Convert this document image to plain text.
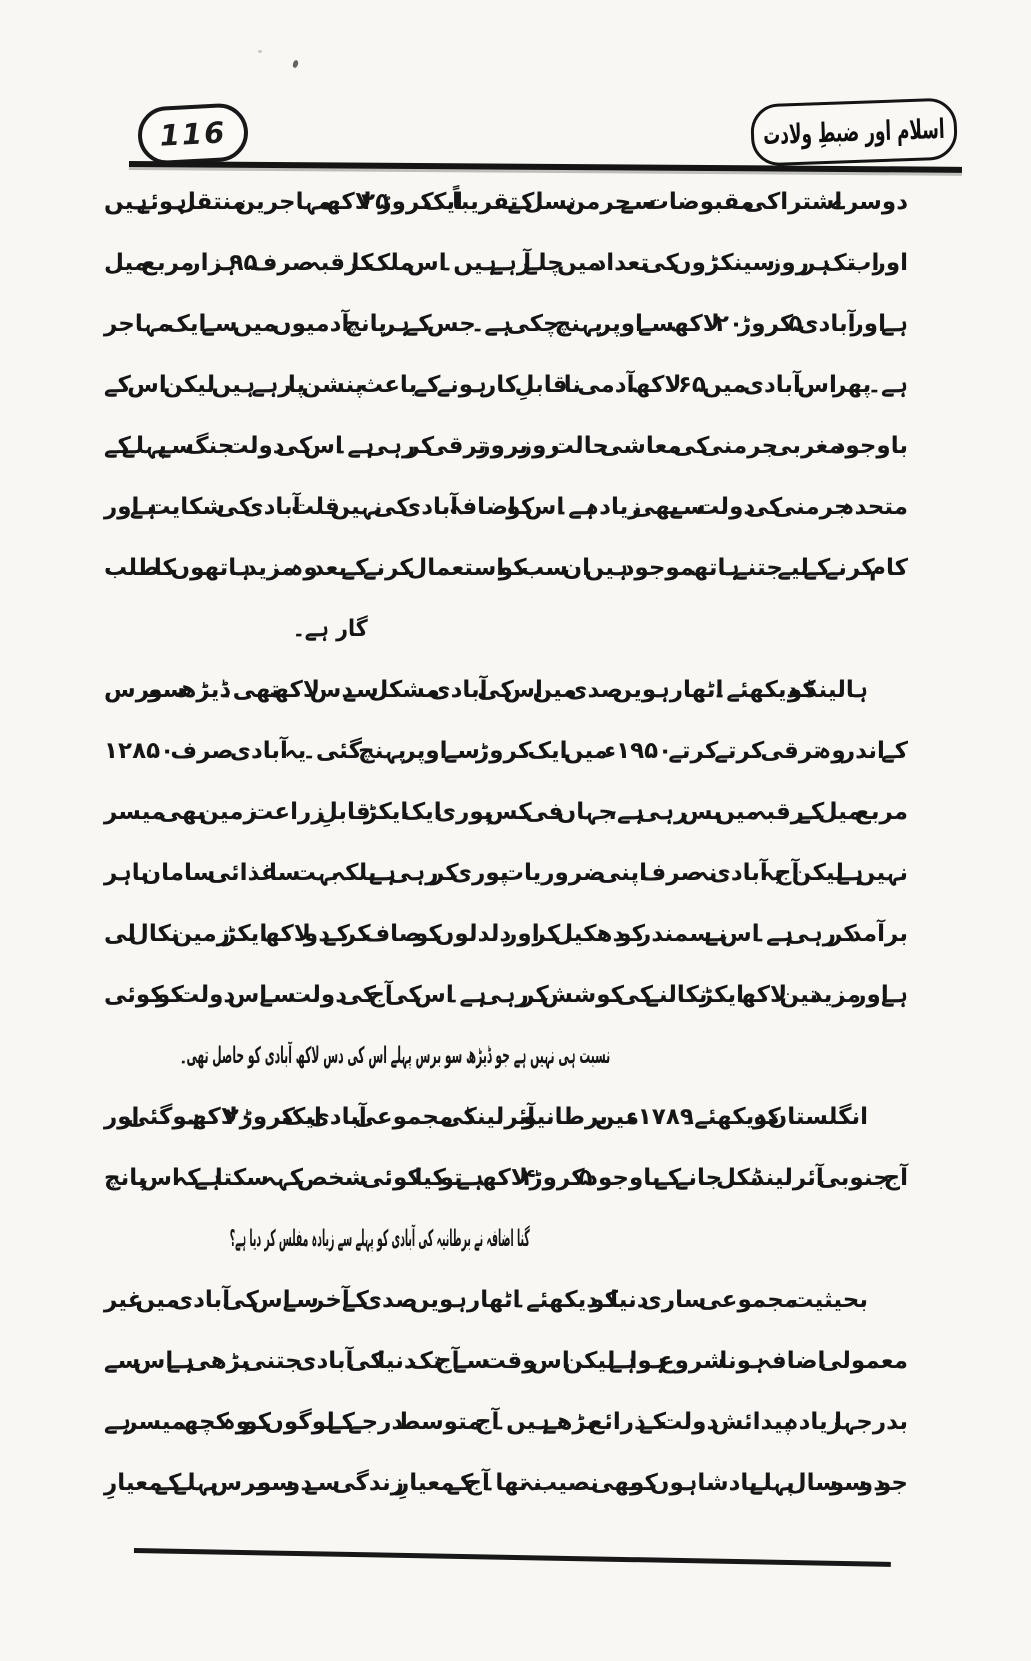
116	اسلام اور ضبطِ ولادت
دوسرے اشتراکی مقبوضات سے جرمن نسل کے تقریباً ایک کروڑ ۲۵ لاکھ مہاجرین منتقل ہوئے ہیں
اور اب تک ہر روز سینکڑوں کی تعداد میں چلے آ رہے ہیں۔ اس ملک کا رقبہ صرف ۹۵ ہزار مربع میل
ہے اور آبادی ۵ کروڑ ۲۰ لاکھ سے اوپر پہنچ چکی ہے۔ جس کے ہر پانچ آدمیوں میں سے ایک مہاجر
ہے۔ پھر اس آبادی میں ۶۵ لاکھ آدمی نا قابلِ کار ہونے کے باعث پنشن پا رہے ہیں لیکن اس کے
باوجود مغربی جرمنی کی معاشی حالت روز بروز ترقی کر رہی ہے۔ اس کی دولت جنگ سے پہلے کے
متحدہ جرمنی کی دولت سے بھی زیادہ ہے۔ اس کو اضافہ آبادی کی نہیں قلت آبادی کی شکایت ہے اور
کام کرنے کے لیے جتنے ہاتھ موجود ہیں ان سب کو استعمال کرنے کے بعد وہ مزید ہاتھوں کا طلب
گار ہے۔
ہالینڈ کو دیکھئے۔ اٹھارہویں صدی میں اس کی آبادی مشکل سے دس لاکھ تھی۔ ڈیڑھ سو برس
کے اندر وہ ترقی کرتے کرتے ۱۹۵۰ء میں ایک کروڑ سے اوپر پہنچ گئی۔ یہ آبادی صرف ۱۲۸۵۰
مربع میل کے رقبہ میں بس رہی ہے، جہاں فی کس پوری ایک ایکڑ قابلِ زراعت زمین بھی میسر
نہیں ہے لیکن آج یہ آبادی نہ صرف اپنی ضروریات پوری کر رہی ہے بلکہ بہت سا غذائی سامان باہر
برآمد کر رہی ہے۔ اس نے سمندر کو دھکیل کر اور دلدلوں کو صاف کر کے دو لاکھ ایکڑ زمین نکال لی
ہے اور مزید تین لاکھ ایکڑ نکالنے کی کوشش کر رہی ہے۔ اس کی آج کی دولت سے اس دولت کو کوئی
نسبت ہی نہیں ہے جو ڈیڑھ سو برس پہلے اس کی دس لاکھ آبادی کو حاصل تھی۔
انگلستان کو دیکھئے۔ ۱۷۸۹ء میں برطانیہ و آئرلینڈ کی مجموعی آبادی ایک کروڑ ۲۰ لاکھ ہوگئی اور
آج جنوبی آئرلینڈ نکل جانے کے باوجود ۵ کروڑ ۴ لاکھ ہے تو کیا کوئی شخص کہہ سکتا ہے کہ اس پانچ
گنا اضافہ نے برطانیہ کی آبادی کو پہلے سے زیادہ مفلس کر دیا ہے؟
بحیثیت مجموعی ساری دنیا کو دیکھئے۔ اٹھارہویں صدی کے آخر سے اس کی آبادی میں غیر
معمولی اضافہ ہونا شروع ہوا ہے لیکن اس وقت سے آج تک دنیا کی آبادی جتنی بڑھی ہے اس سے
بدرجہا زیادہ پیدائش دولت کے ذرائع بڑھے ہیں۔ آج متوسط درجے کے لوگوں کو وہ کچھ میسر ہے
جو دو سو سال پہلے بادشاہوں کو بھی نصیب نہ تھا۔ آج کے معیارِ زندگی سے دو سو برس پہلے کے معیارِ
